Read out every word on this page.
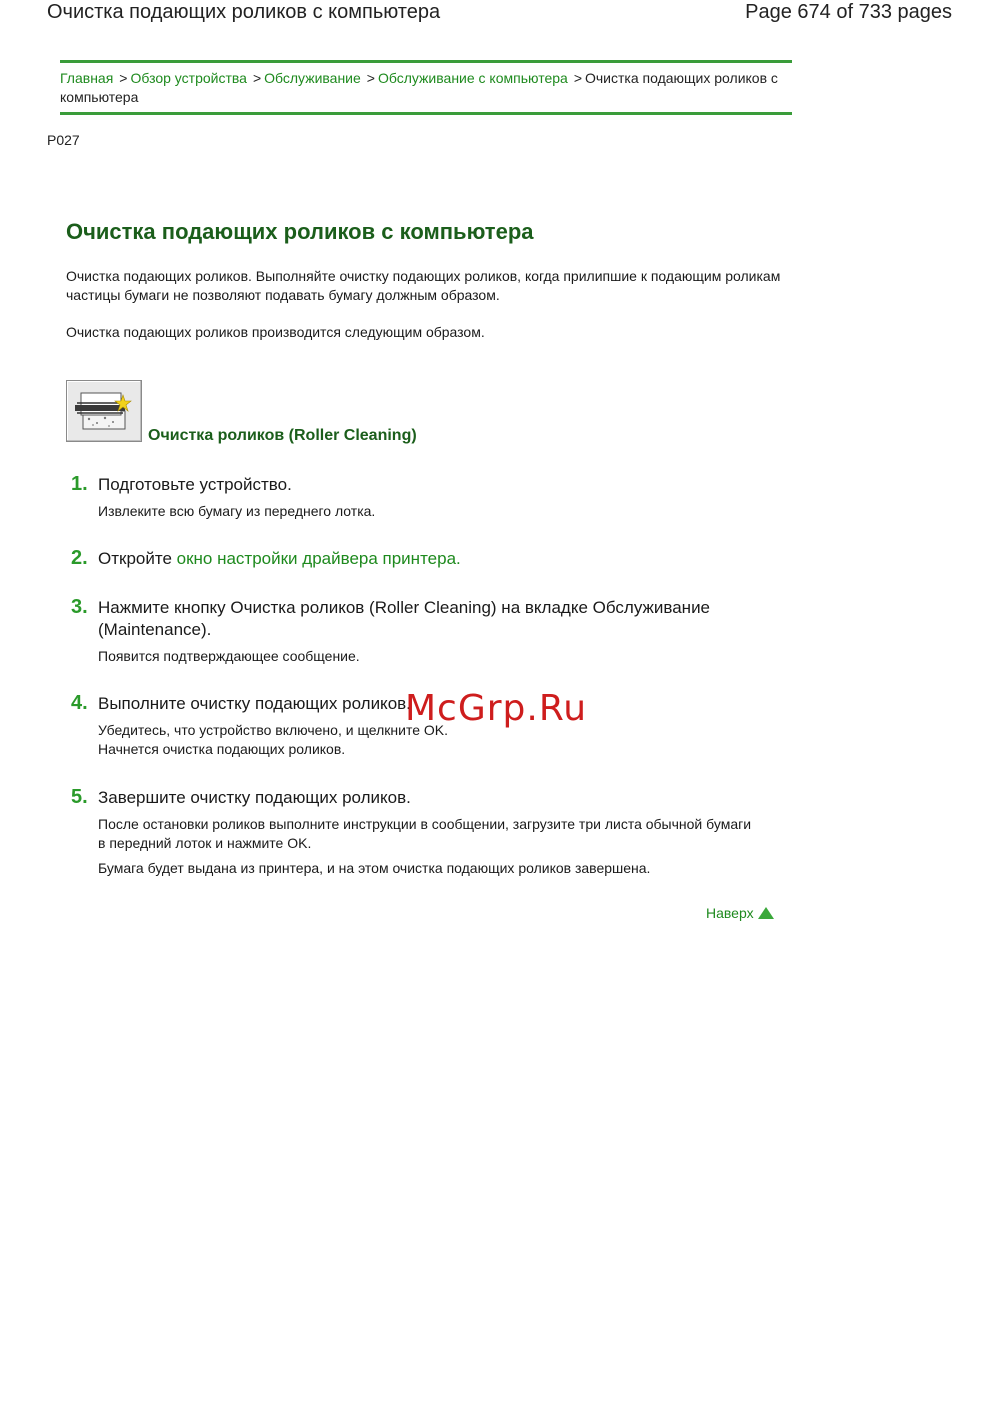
Очистка подающих роликов с компьютера	Page 674 of 733 pages
Главная > Обзор устройства > Обслуживание > Обслуживание с компьютера > Очистка подающих роликов с компьютера
P027
Очистка подающих роликов с компьютера

Очистка подающих роликов. Выполняйте очистку подающих роликов, когда прилипшие к подающим роликам частицы бумаги не позволяют подавать бумагу должным образом.

Очистка подающих роликов производится следующим образом.

Очистка роликов (Roller Cleaning)
1. Подготовьте устройство.
Извлеките всю бумагу из переднего лотка.
2. Откройте окно настройки драйвера принтера.
3. Нажмите кнопку Очистка роликов (Roller Cleaning) на вкладке Обслуживание (Maintenance).
Появится подтверждающее сообщение.
4. Выполните очистку подающих роликов.
Убедитесь, что устройство включено, и щелкните OK.
Начнется очистка подающих роликов.
5. Завершите очистку подающих роликов.
После остановки роликов выполните инструкции в сообщении, загрузите три листа обычной бумаги в передний лоток и нажмите OK.
Бумага будет выдана из принтера, и на этом очистка подающих роликов завершена.
McGrp.Ru
Наверх
